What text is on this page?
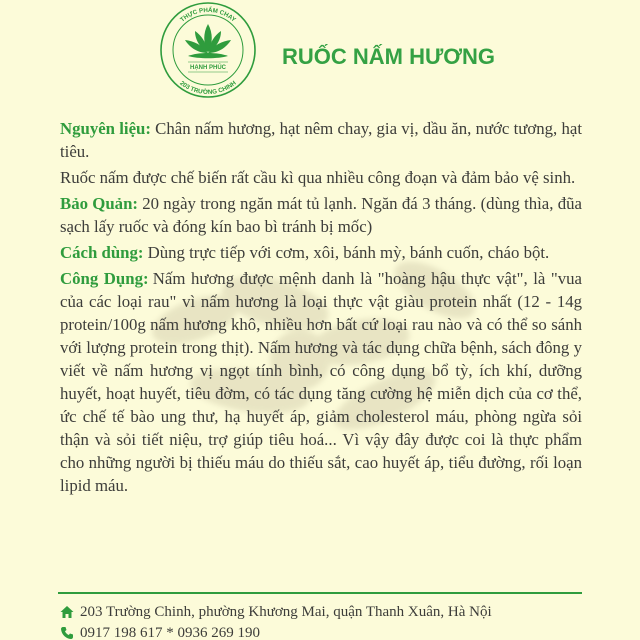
THỰC PHẨM CHAY
203 TRƯỜNG CHINH
HẠNH PHÚC	RUỐC NẤM HƯƠNG

Nguyên liệu: Chân nấm hương, hạt nêm chay, gia vị, dầu ăn, nước tương, hạt tiêu.

Ruốc nấm được chế biến rất cầu kì qua nhiều công đoạn và đảm bảo vệ sinh.

Bảo Quản: 20 ngày trong ngăn mát tủ lạnh. Ngăn đá 3 tháng. (dùng thìa, đũa sạch lấy ruốc và đóng kín bao bì tránh bị mốc)

Cách dùng: Dùng trực tiếp với cơm, xôi, bánh mỳ, bánh cuốn, cháo bột.

Công Dụng: Nấm hương được mệnh danh là "hoàng hậu thực vật", là "vua của các loại rau" vì nấm hương là loại thực vật giàu protein nhất (12 - 14g protein/100g nấm hương khô, nhiều hơn bất cứ loại rau nào và có thể so sánh với lượng protein trong thịt). Nấm hương và tác dụng chữa bệnh, sách đông y viết về nấm hương vị ngọt tính bình, có công dụng bổ tỳ, ích khí, dưỡng huyết, hoạt huyết, tiêu đờm, có tác dụng tăng cường hệ miễn dịch của cơ thể, ức chế tế bào ung thư, hạ huyết áp, giảm cholesterol máu, phòng ngừa sỏi thận và sỏi tiết niệu, trợ giúp tiêu hoá... Vì vậy đây được coi là thực phẩm cho những người bị thiếu máu do thiếu sắt, cao huyết áp, tiểu đường, rối loạn lipid máu.

203 Trường Chinh, phường Khương Mai, quận Thanh Xuân, Hà Nội
0917 198 617 * 0936 269 190
